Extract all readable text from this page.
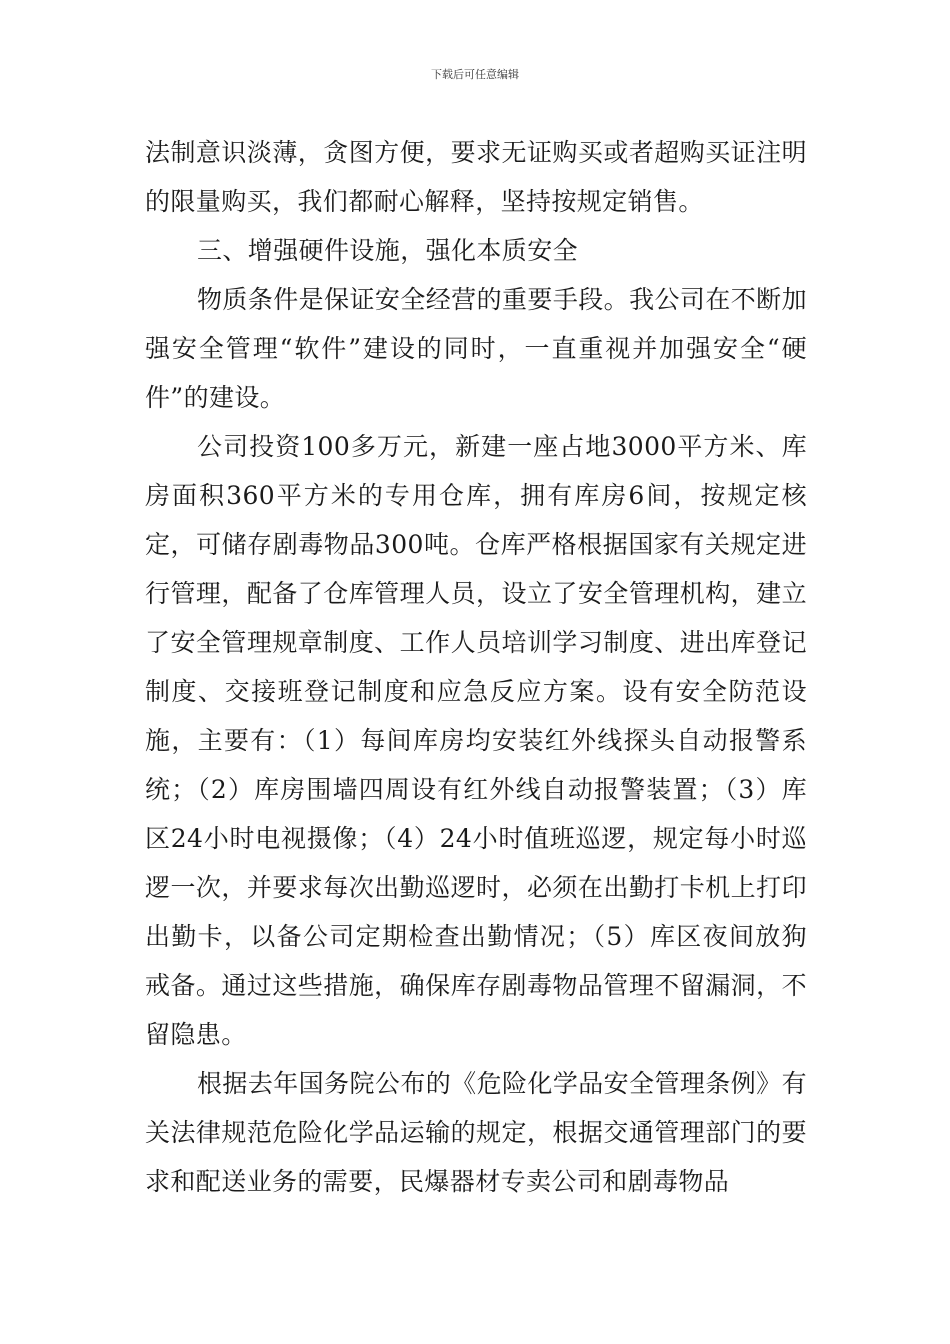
下载后可任意编辑

法制意识淡薄，贪图方便，要求无证购买或者超购买证注明的限量购买，我们都耐心解释，坚持按规定销售。

三、增强硬件设施，强化本质安全

物质条件是保证安全经营的重要手段。我公司在不断加强安全管理“软件”建设的同时，一直重视并加强安全“硬件”的建设。

公司投资100多万元，新建一座占地3000平方米、库房面积360平方米的专用仓库，拥有库房6间，按规定核定，可储存剧毒物品300吨。仓库严格根据国家有关规定进行管理，配备了仓库管理人员，设立了安全管理机构，建立了安全管理规章制度、工作人员培训学习制度、进出库登记制度、交接班登记制度和应急反应方案。设有安全防范设施，主要有：（1）每间库房均安装红外线探头自动报警系统；（2）库房围墙四周设有红外线自动报警装置；（3）库区24小时电视摄像；（4）24小时值班巡逻，规定每小时巡逻一次，并要求每次出勤巡逻时，必须在出勤打卡机上打印出勤卡，以备公司定期检查出勤情况；（5）库区夜间放狗戒备。通过这些措施，确保库存剧毒物品管理不留漏洞，不留隐患。

根据去年国务院公布的《危险化学品安全管理条例》有关法律规范危险化学品运输的规定，根据交通管理部门的要求和配送业务的需要，民爆器材专卖公司和剧毒物品
